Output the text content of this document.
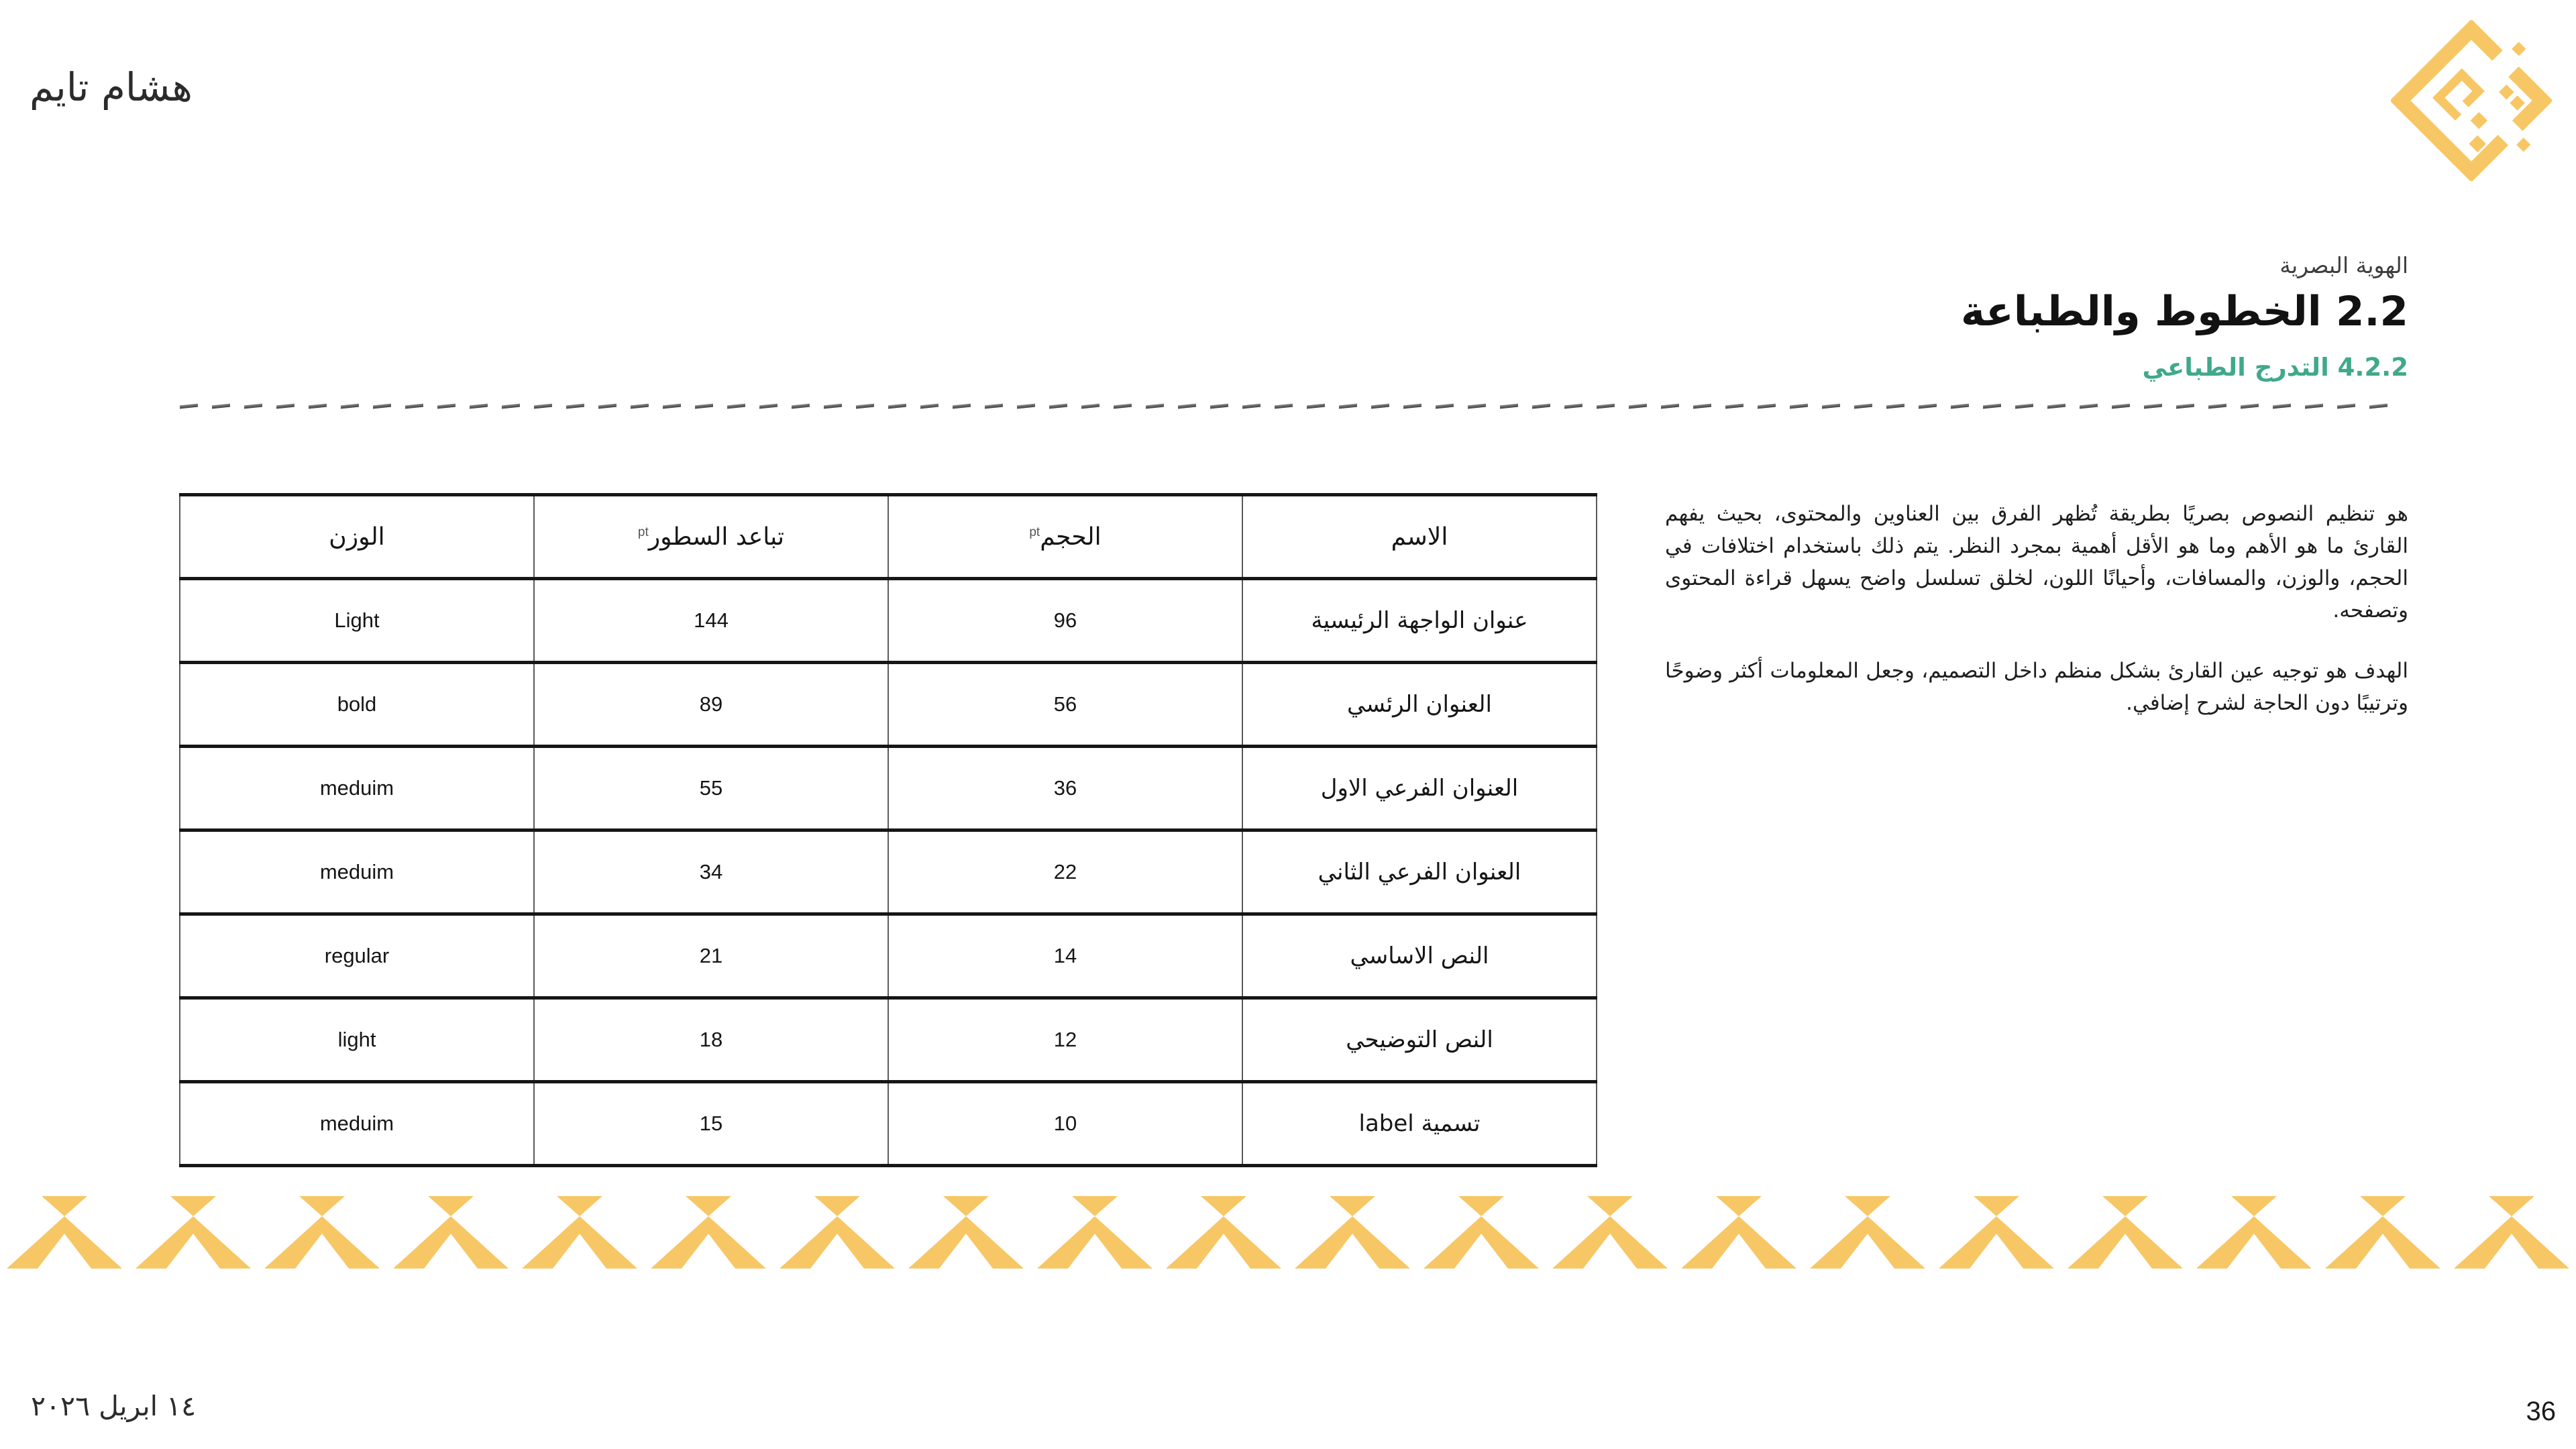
هشام تايم

الهوية البصرية

2.2 الخطوط والطباعة

4.2.2 التدرج الطباعي

هو تنظيم النصوص بصريًا بطريقة تُظهر الفرق بين العناوين والمحتوى، بحيث يفهم القارئ ما هو الأهم وما هو الأقل أهمية بمجرد النظر. يتم ذلك باستخدام اختلافات في الحجم، والوزن، والمسافات، وأحيانًا اللون، لخلق تسلسل واضح يسهل قراءة المحتوى وتصفحه.

الهدف هو توجيه عين القارئ بشكل منظم داخل التصميم، وجعل المعلومات أكثر وضوحًا وترتيبًا دون الحاجة لشرح إضافي.

الاسم	الحجم$^{pt}$	تباعد السطور$^{pt}$	الوزن
عنوان الواجهة الرئيسية	96	144	Light
العنوان الرئسي	56	89	bold
العنوان الفرعي الاول	36	55	meduim
العنوان الفرعي الثاني	22	34	meduim
النص الاساسي	14	21	regular
النص التوضيحي	12	18	light
تسمية label	10	15	meduim
١٤ ابريل ٢٠٢٦	36
